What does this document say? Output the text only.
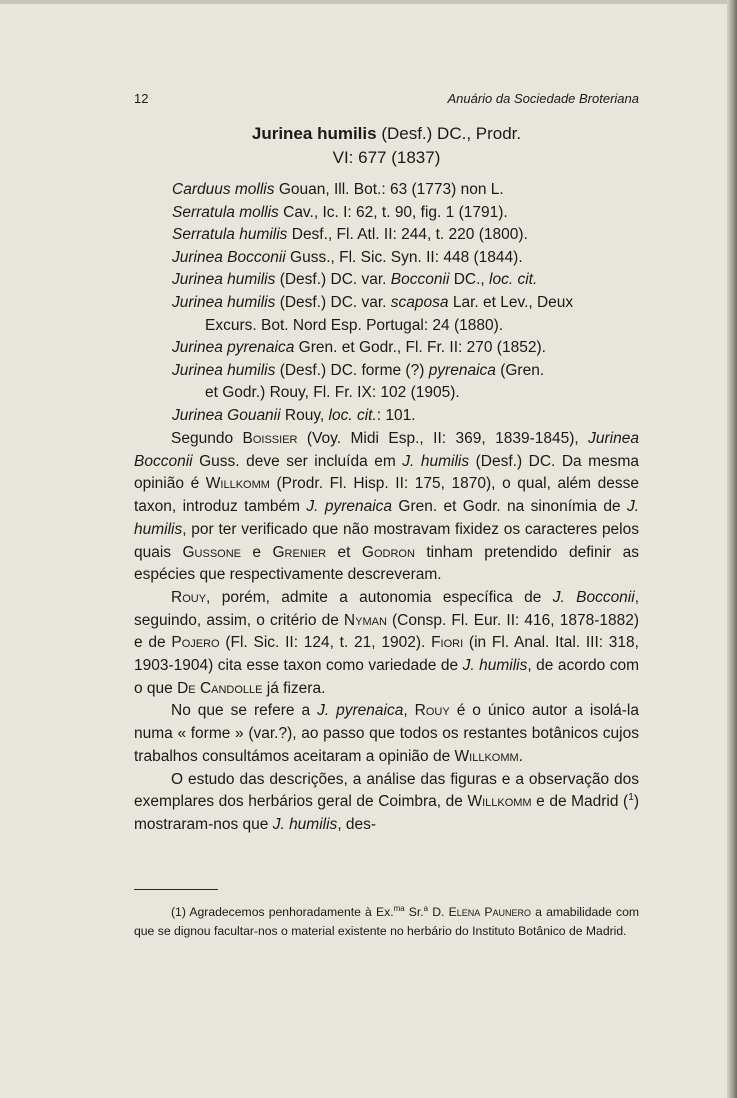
12	Anuário da Sociedade Broteriana
Jurinea humilis (Desf.) DC., Prodr.
VI: 677 (1837)

Carduus mollis Gouan, Ill. Bot.: 63 (1773) non L.

Serratula mollis Cav., Ic. I: 62, t. 90, fig. 1 (1791).

Serratula humilis Desf., Fl. Atl. II: 244, t. 220 (1800).

Jurinea Bocconii Guss., Fl. Sic. Syn. II: 448 (1844).

Jurinea humilis (Desf.) DC. var. Bocconii DC., loc. cit.

Jurinea humilis (Desf.) DC. var. scaposa Lar. et Lev., Deux
Excurs. Bot. Nord Esp. Portugal: 24 (1880).

Jurinea pyrenaica Gren. et Godr., Fl. Fr. II: 270 (1852).

Jurinea humilis (Desf.) DC. forme (?) pyrenaica (Gren.
et Godr.) Rouy, Fl. Fr. IX: 102 (1905).

Jurinea Gouanii Rouy, loc. cit.: 101.

Segundo Boissier (Voy. Midi Esp., II: 369, 1839-1845), Jurinea Bocconii Guss. deve ser incluída em J. humilis (Desf.) DC. Da mesma opinião é Willkomm (Prodr. Fl. Hisp. II: 175, 1870), o qual, além desse taxon, introduz também J. pyrenaica Gren. et Godr. na sinonímia de J. humilis, por ter verificado que não mostravam fixidez os caracteres pelos quais Gussone e Grenier et Godron tinham pretendido definir as espécies que respectivamente descreveram.

Rouy, porém, admite a autonomia específica de J. Bocconii, seguindo, assim, o critério de Nyman (Consp. Fl. Eur. II: 416, 1878-1882) e de Pojero (Fl. Sic. II: 124, t. 21, 1902). Fiori (in Fl. Anal. Ital. III: 318, 1903-1904) cita esse taxon como variedade de J. humilis, de acordo com o que De Candolle já fizera.

No que se refere a J. pyrenaica, Rouy é o único autor a isolá-la numa « forme » (var.?), ao passo que todos os restantes botânicos cujos trabalhos consultámos aceitaram a opinião de Willkomm.

O estudo das descrições, a análise das figuras e a observação dos exemplares dos herbários geral de Coimbra, de Willkomm e de Madrid ($^1$) mostraram-nos que J. humilis, des-

(1) Agradecemos penhoradamente à Ex.$^{ma}$ Sr.$^a$ D. Elena Paunero a amabilidade com que se dignou facultar-nos o material existente no herbário do Instituto Botânico de Madrid.
